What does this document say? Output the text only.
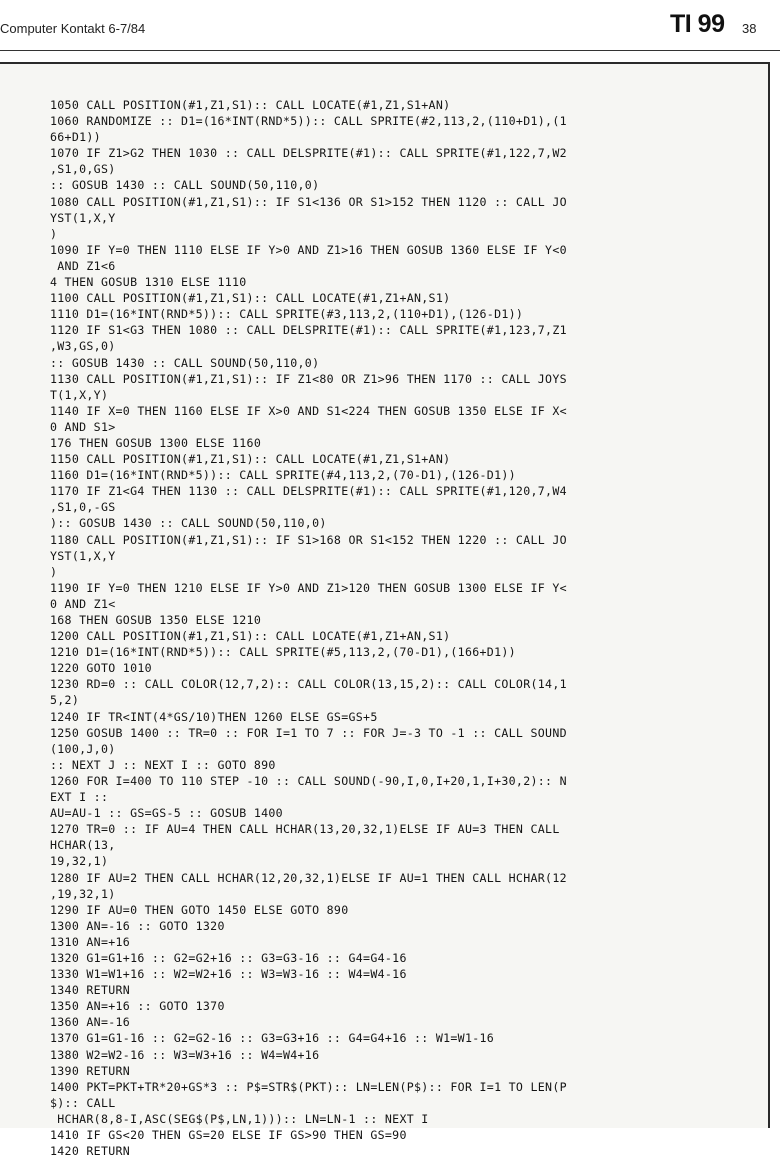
Computer Kontakt 6-7/84	TI 99 38
1050 CALL POSITION(#1,Z1,S1):: CALL LOCATE(#1,Z1,S1+AN)
1060 RANDOMIZE :: D1=(16*INT(RND*5)):: CALL SPRITE(#2,113,2,(110+D1),(1
66+D1))
1070 IF Z1>G2 THEN 1030 :: CALL DELSPRITE(#1):: CALL SPRITE(#1,122,7,W2
,S1,0,GS)
:: GOSUB 1430 :: CALL SOUND(50,110,0)
1080 CALL POSITION(#1,Z1,S1):: IF S1<136 OR S1>152 THEN 1120 :: CALL JO
YST(1,X,Y
)
1090 IF Y=0 THEN 1110 ELSE IF Y>0 AND Z1>16 THEN GOSUB 1360 ELSE IF Y<0
AND Z1<6
4 THEN GOSUB 1310 ELSE 1110
1100 CALL POSITION(#1,Z1,S1):: CALL LOCATE(#1,Z1+AN,S1)
1110 D1=(16*INT(RND*5)):: CALL SPRITE(#3,113,2,(110+D1),(126-D1))
1120 IF S1<G3 THEN 1080 :: CALL DELSPRITE(#1):: CALL SPRITE(#1,123,7,Z1
,W3,GS,0)
:: GOSUB 1430 :: CALL SOUND(50,110,0)
1130 CALL POSITION(#1,Z1,S1):: IF Z1<80 OR Z1>96 THEN 1170 :: CALL JOYS
T(1,X,Y)
1140 IF X=0 THEN 1160 ELSE IF X>0 AND S1<224 THEN GOSUB 1350 ELSE IF X<
0 AND S1>
176 THEN GOSUB 1300 ELSE 1160
1150 CALL POSITION(#1,Z1,S1):: CALL LOCATE(#1,Z1,S1+AN)
1160 D1=(16*INT(RND*5)):: CALL SPRITE(#4,113,2,(70-D1),(126-D1))
1170 IF Z1<G4 THEN 1130 :: CALL DELSPRITE(#1):: CALL SPRITE(#1,120,7,W4
,S1,0,-GS
):: GOSUB 1430 :: CALL SOUND(50,110,0)
1180 CALL POSITION(#1,Z1,S1):: IF S1>168 OR S1<152 THEN 1220 :: CALL JO
YST(1,X,Y
)
1190 IF Y=0 THEN 1210 ELSE IF Y>0 AND Z1>120 THEN GOSUB 1300 ELSE IF Y<
0 AND Z1<
168 THEN GOSUB 1350 ELSE 1210
1200 CALL POSITION(#1,Z1,S1):: CALL LOCATE(#1,Z1+AN,S1)
1210 D1=(16*INT(RND*5)):: CALL SPRITE(#5,113,2,(70-D1),(166+D1))
1220 GOTO 1010
1230 RD=0 :: CALL COLOR(12,7,2):: CALL COLOR(13,15,2):: CALL COLOR(14,1
5,2)
1240 IF TR<INT(4*GS/10)THEN 1260 ELSE GS=GS+5
1250 GOSUB 1400 :: TR=0 :: FOR I=1 TO 7 :: FOR J=-3 TO -1 :: CALL SOUND
(100,J,0)
:: NEXT J :: NEXT I :: GOTO 890
1260 FOR I=400 TO 110 STEP -10 :: CALL SOUND(-90,I,0,I+20,1,I+30,2):: N
EXT I ::
AU=AU-1 :: GS=GS-5 :: GOSUB 1400
1270 TR=0 :: IF AU=4 THEN CALL HCHAR(13,20,32,1)ELSE IF AU=3 THEN CALL
HCHAR(13,
19,32,1)
1280 IF AU=2 THEN CALL HCHAR(12,20,32,1)ELSE IF AU=1 THEN CALL HCHAR(12
,19,32,1)
1290 IF AU=0 THEN GOTO 1450 ELSE GOTO 890
1300 AN=-16 :: GOTO 1320
1310 AN=+16
1320 G1=G1+16 :: G2=G2+16 :: G3=G3-16 :: G4=G4-16
1330 W1=W1+16 :: W2=W2+16 :: W3=W3-16 :: W4=W4-16
1340 RETURN
1350 AN=+16 :: GOTO 1370
1360 AN=-16
1370 G1=G1-16 :: G2=G2-16 :: G3=G3+16 :: G4=G4+16 :: W1=W1-16
1380 W2=W2-16 :: W3=W3+16 :: W4=W4+16
1390 RETURN
1400 PKT=PKT+TR*20+GS*3 :: P$=STR$(PKT):: LN=LEN(P$):: FOR I=1 TO LEN(P
$):: CALL
HCHAR(8,8-I,ASC(SEG$(P$,LN,1))):: LN=LN-1 :: NEXT I
1410 IF GS<20 THEN GS=20 ELSE IF GS>90 THEN GS=90
1420 RETURN
